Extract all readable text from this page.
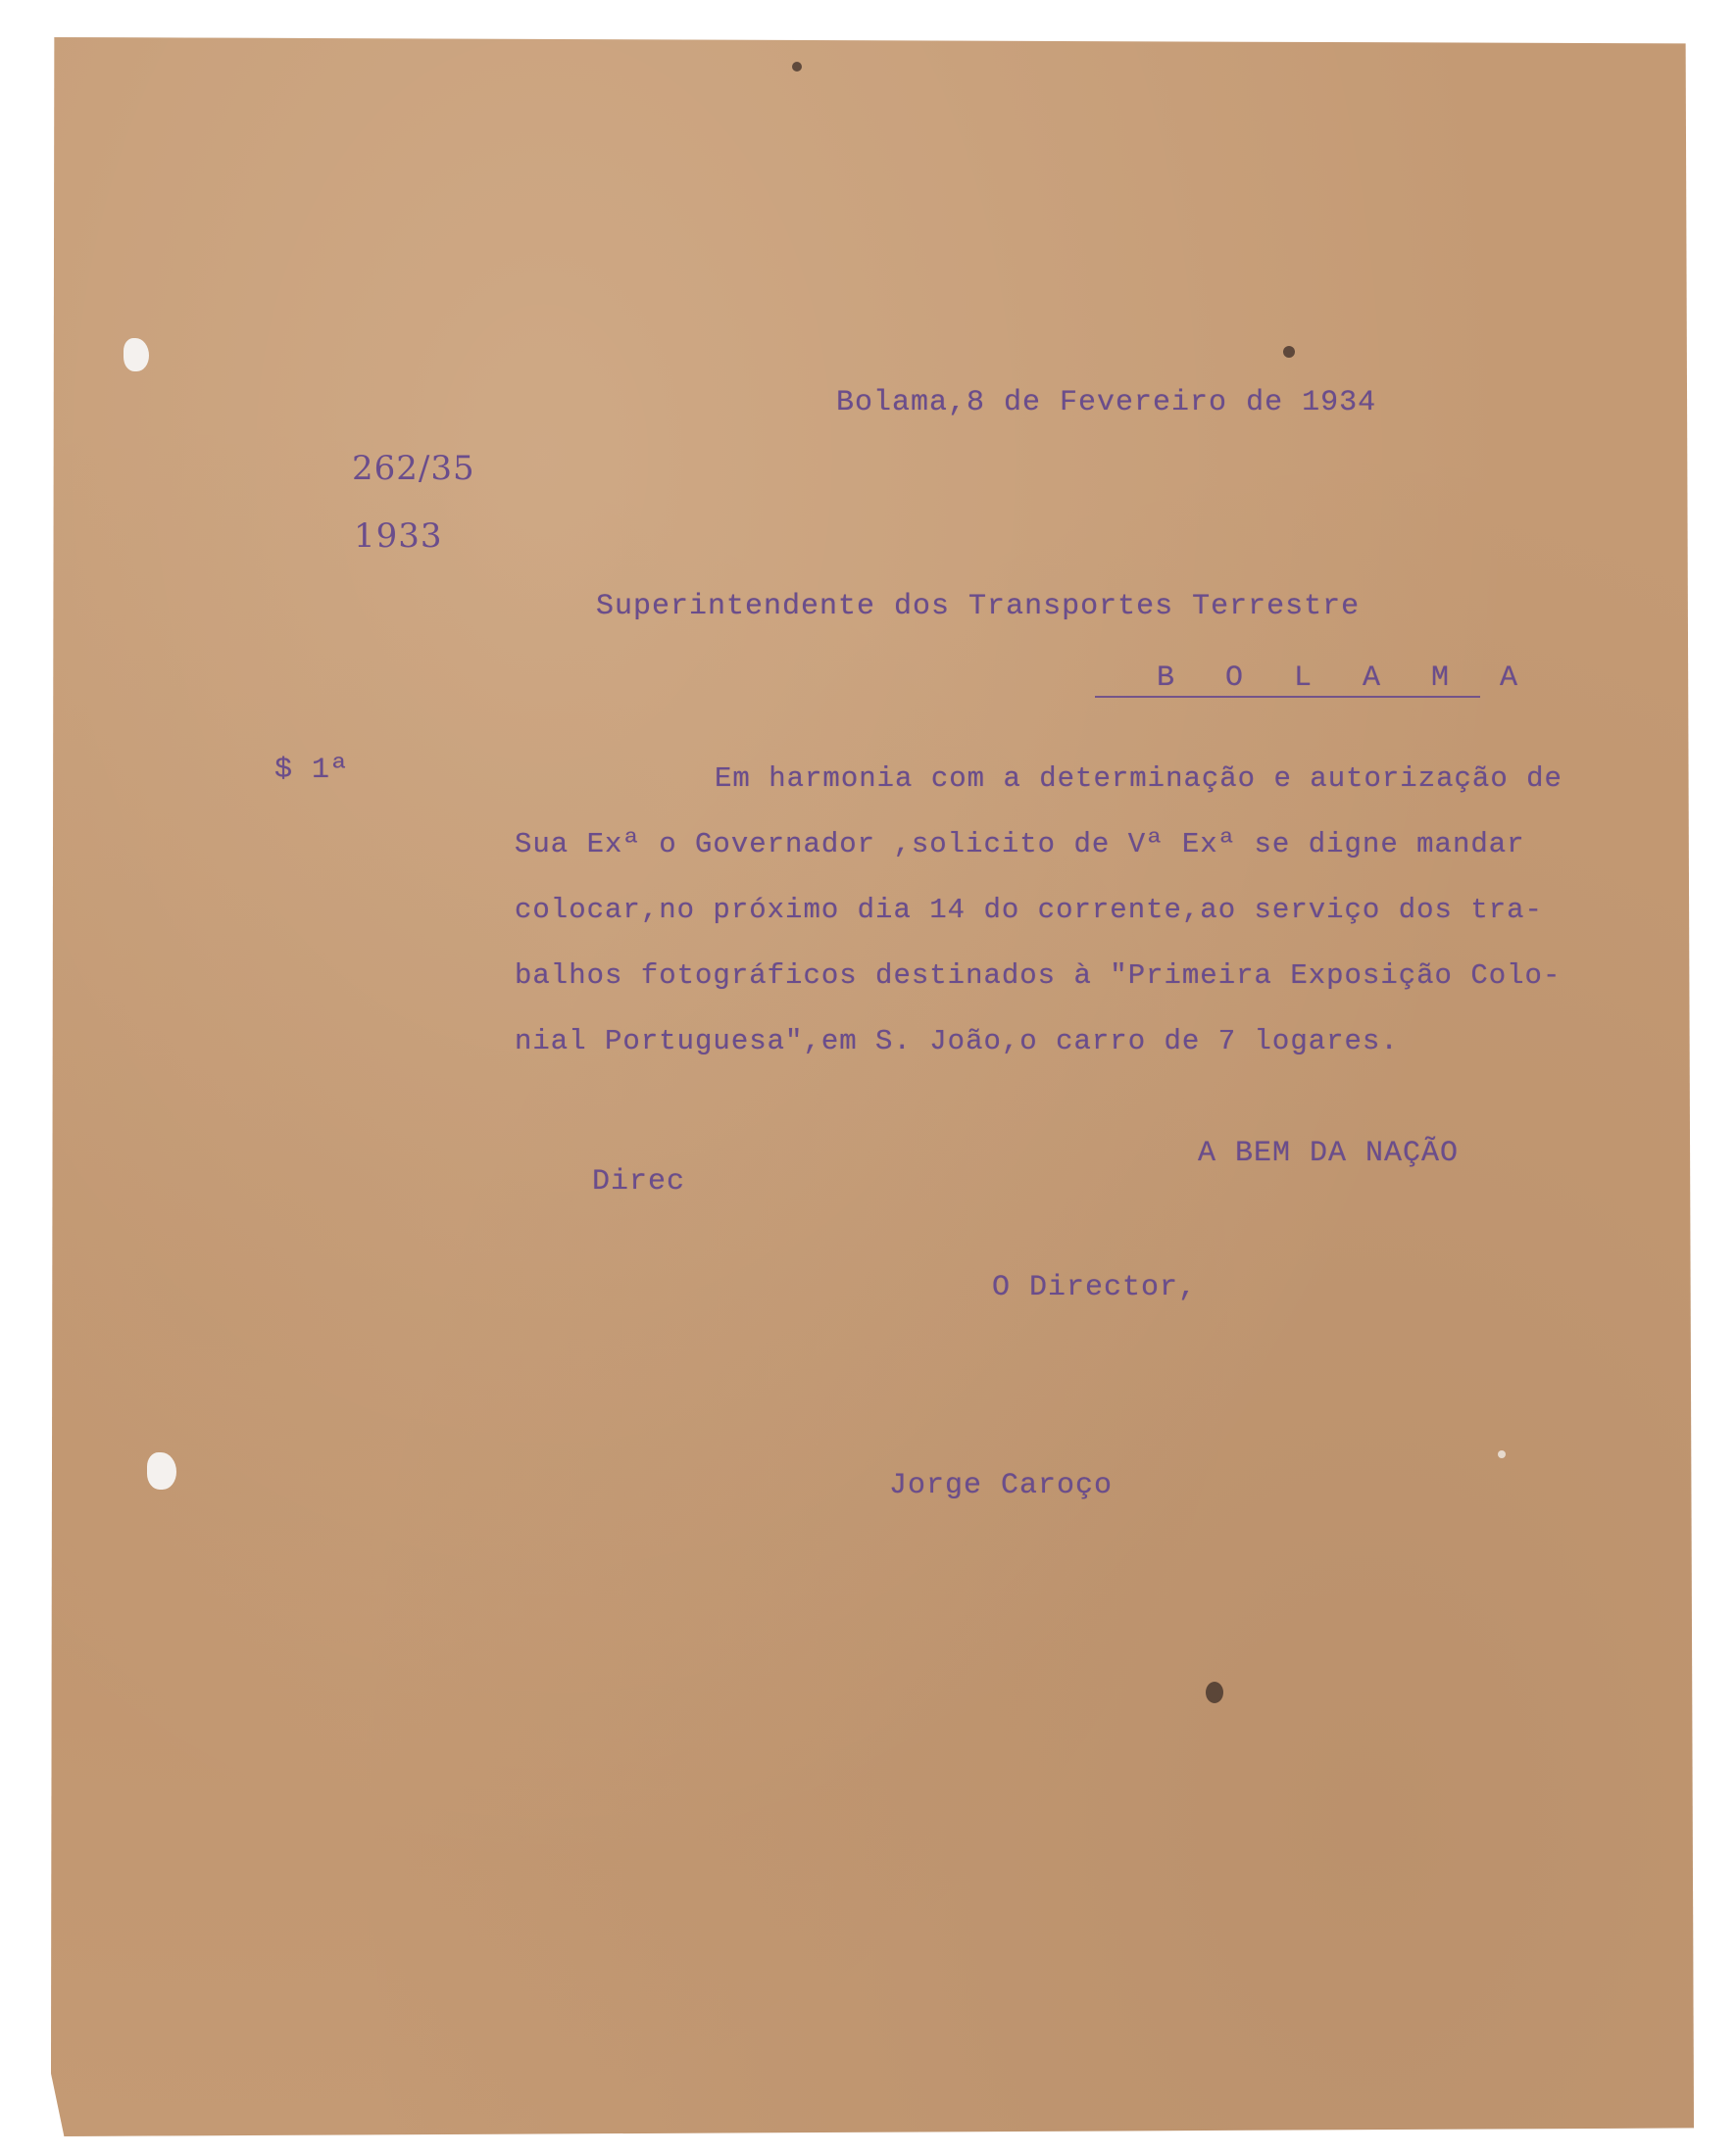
Bolama,8 de Fevereiro de 1934
262/35
1933
Superintendente dos Transportes Terrestre
B O L A M A
$ 1ª	Em harmonia com a determinação e autorização de
Sua Exª o Governador ,solicito de Vª Exª se digne mandar
colocar,no próximo dia 14 do corrente,ao serviço dos tra-
balhos fotográficos destinados à "Primeira Exposição Colo-
nial Portuguesa",em S. João,o carro de 7 logares.
A BEM DA NAÇÃO
Direc
O Director,
Jorge Caroço
